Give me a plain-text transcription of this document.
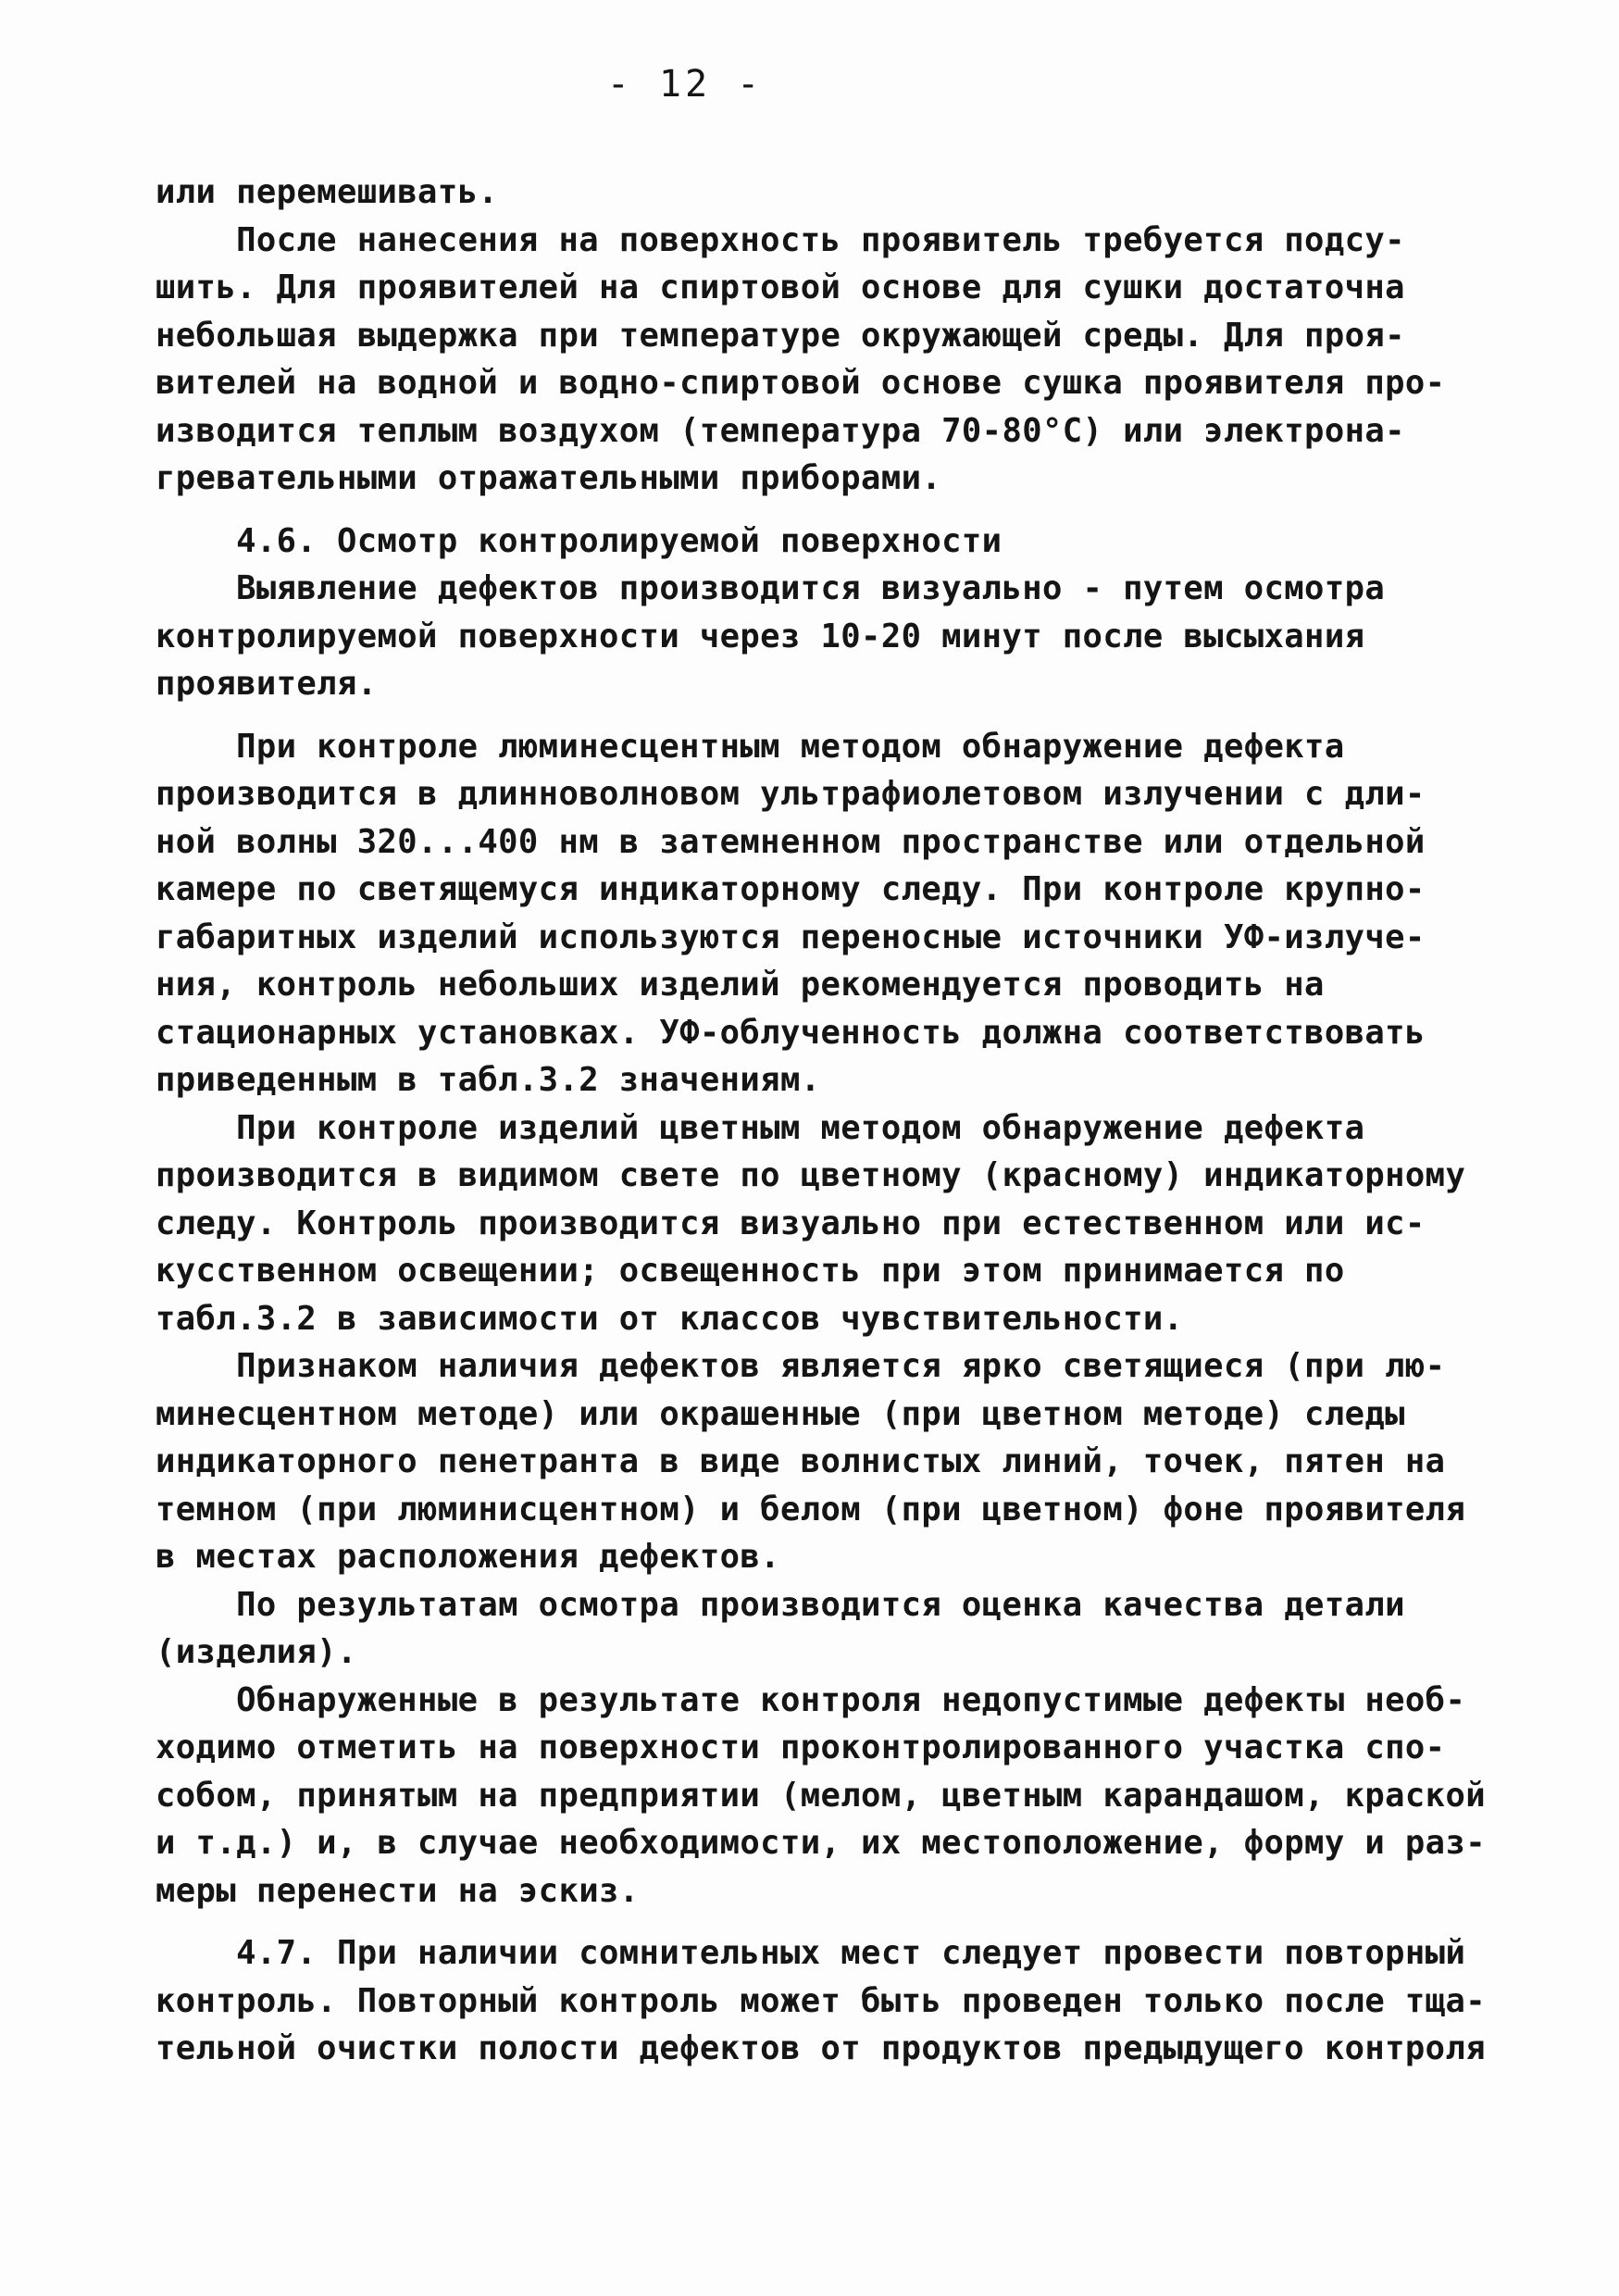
- 12 -
или перемешивать.
После нанесения на поверхность проявитель требуется подсу-
шить. Для проявителей на спиртовой основе для сушки достаточна
небольшая выдержка при температуре окружающей среды. Для проя-
вителей на водной и водно-спиртовой основе сушка проявителя про-
изводится теплым воздухом (температура 70-80°С) или электрона-
гревательными отражательными приборами.
4.6. Осмотр контролируемой поверхности
Выявление дефектов производится визуально - путем осмотра
контролируемой поверхности через 10-20 минут после высыхания
проявителя.
При контроле люминесцентным методом обнаружение дефекта
производится в длинноволновом ультрафиолетовом излучении с дли-
ной волны 320...400 нм в затемненном пространстве или отдельной
камере по светящемуся индикаторному следу. При контроле крупно-
габаритных изделий используются переносные источники УФ-излуче-
ния, контроль небольших изделий рекомендуется проводить на
стационарных установках. УФ-облученность должна соответствовать
приведенным в табл.3.2 значениям.
При контроле изделий цветным методом обнаружение дефекта
производится в видимом свете по цветному (красному) индикаторному
следу. Контроль производится визуально при естественном или ис-
кусственном освещении; освещенность при этом принимается по
табл.3.2 в зависимости от классов чувствительности.
Признаком наличия дефектов является ярко светящиеся (при лю-
минесцентном методе) или окрашенные (при цветном методе) следы
индикаторного пенетранта в виде волнистых линий, точек, пятен на
темном (при люминисцентном) и белом (при цветном) фоне проявителя
в местах расположения дефектов.
По результатам осмотра производится оценка качества детали
(изделия).
Обнаруженные в результате контроля недопустимые дефекты необ-
ходимо отметить на поверхности проконтролированного участка спо-
собом, принятым на предприятии (мелом, цветным карандашом, краской
и т.д.) и, в случае необходимости, их местоположение, форму и раз-
меры перенести на эскиз.
4.7. При наличии сомнительных мест следует провести повторный
контроль. Повторный контроль может быть проведен только после тща-
тельной очистки полости дефектов от продуктов предыдущего контроля
